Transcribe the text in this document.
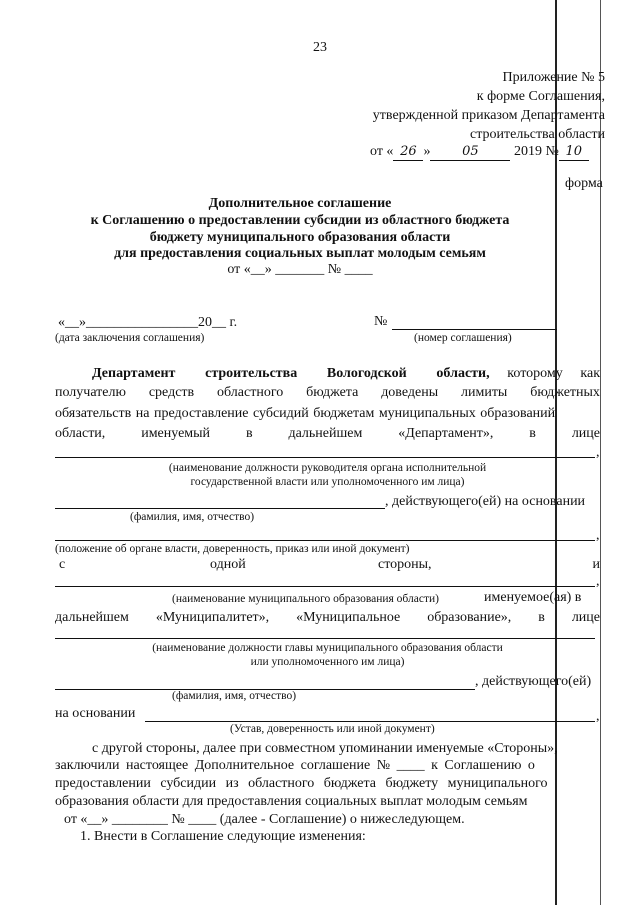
23
Приложение № 5
к форме Соглашения,
утвержденной приказом Департамента
строительства области
от « 26 » 05	2019 № 10
форма
Дополнительное соглашение
к Соглашению о предоставлении субсидии из областного бюджета
бюджету муниципального образования области
для предоставления социальных выплат молодым семьям
от «__» _______ № ____
«__»________________20__ г.
(дата заключения соглашения)
№
(номер соглашения)
Департамент строительства Вологодской области, которому как
получателю средств областного бюджета доведены лимиты бюджетных
обязательств на предоставление субсидий бюджетам муниципальных образований
области,	именуемый	в	дальнейшем	«Департамент»,	в	лице
,
(наименование должности руководителя органа исполнительной
государственной власти или уполномоченного им лица)
, действующего(ей) на основании
(фамилия, имя, отчество)
,
(положение об органе власти, доверенность, приказ или иной документ)
с	одной	стороны,	и
,
(наименование муниципального образования области)	именуемое(ая) в
дальнейшем «Муниципалитет», «Муниципальное образование», в лице
(наименование должности главы муниципального образования области
или уполномоченного им лица)
, действующего(ей)
(фамилия, имя, отчество)
на основании	,
(Устав, доверенность или иной документ)
с другой стороны, далее при совместном упоминании именуемые «Стороны»,
заключили настоящее Дополнительное соглашение № ____ к Соглашению о
предоставлении субсидии из областного бюджета бюджету муниципального
образования области для предоставления социальных выплат молодым семьям
от «__» ________ № ____ (далее - Соглашение) о нижеследующем.
1. Внести в Соглашение следующие изменения:
